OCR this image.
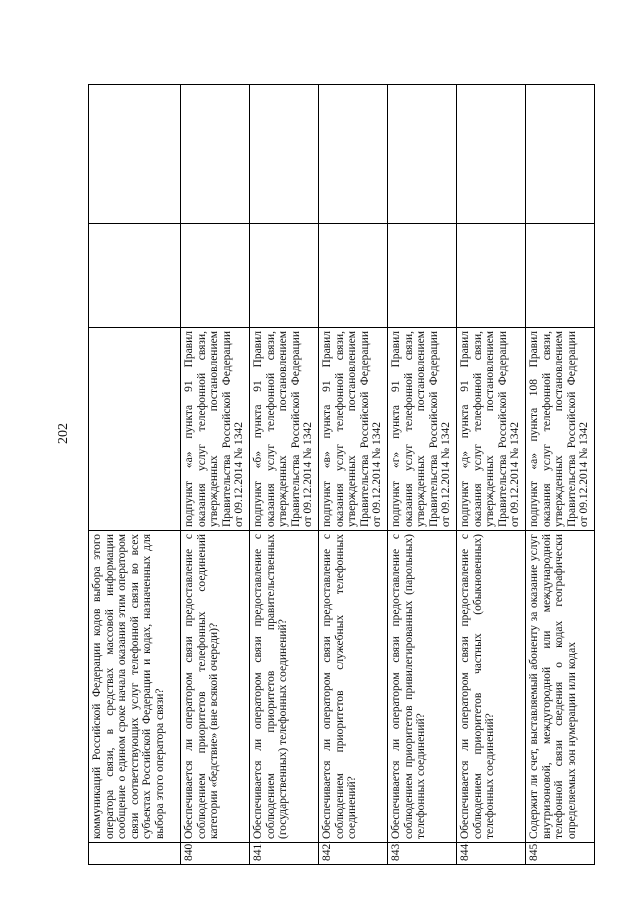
202
	коммуникаций Российской Федерации кодов выбора этого оператора связи, в средствах массовой информации сообщение о едином сроке начала оказания этим оператором связи соответствующих услуг телефонной связи во всех субъектах Российской Федерации и кодах, назначенных для выбора этого оператора связи?			
840.	Обеспечивается ли оператором связи предоставление с соблюдением приоритетов телефонных соединений категории «бедствие» (вне всякой очереди)?	подпункт «а» пункта 91 Правил оказания услуг телефонной связи, утвержденных постановлением Правительства Российской Федерации от 09.12.2014 № 1342		
841.	Обеспечивается ли оператором связи предоставление с соблюдением приоритетов правительственных (государственных) телефонных соединений?	подпункт «б» пункта 91 Правил оказания услуг телефонной связи, утвержденных постановлением Правительства Российской Федерации от 09.12.2014 № 1342		
842.	Обеспечивается ли оператором связи предоставление с соблюдением приоритетов служебных телефонных соединений?	подпункт «в» пункта 91 Правил оказания услуг телефонной связи, утвержденных постановлением Правительства Российской Федерации от 09.12.2014 № 1342		
843.	Обеспечивается ли оператором связи предоставление с соблюдением приоритетов привилегированных (парольных) телефонных соединений?	подпункт «г» пункта 91 Правил оказания услуг телефонной связи, утвержденных постановлением Правительства Российской Федерации от 09.12.2014 № 1342		
844.	Обеспечивается ли оператором связи предоставление с соблюдением приоритетов частных (обыкновенных) телефонных соединений?	подпункт «д» пункта 91 Правил оказания услуг телефонной связи, утвержденных постановлением Правительства Российской Федерации от 09.12.2014 № 1342		
845.	Содержит ли счет, выставляемый абоненту за оказание услуг внутризоновой, междугородной или международной телефонной связи сведения о кодах географически определяемых зон нумерации или кодах	подпункт «а» пункта 108 Правил оказания услуг телефонной связи, утвержденных постановлением Правительства Российской Федерации от 09.12.2014 № 1342		
